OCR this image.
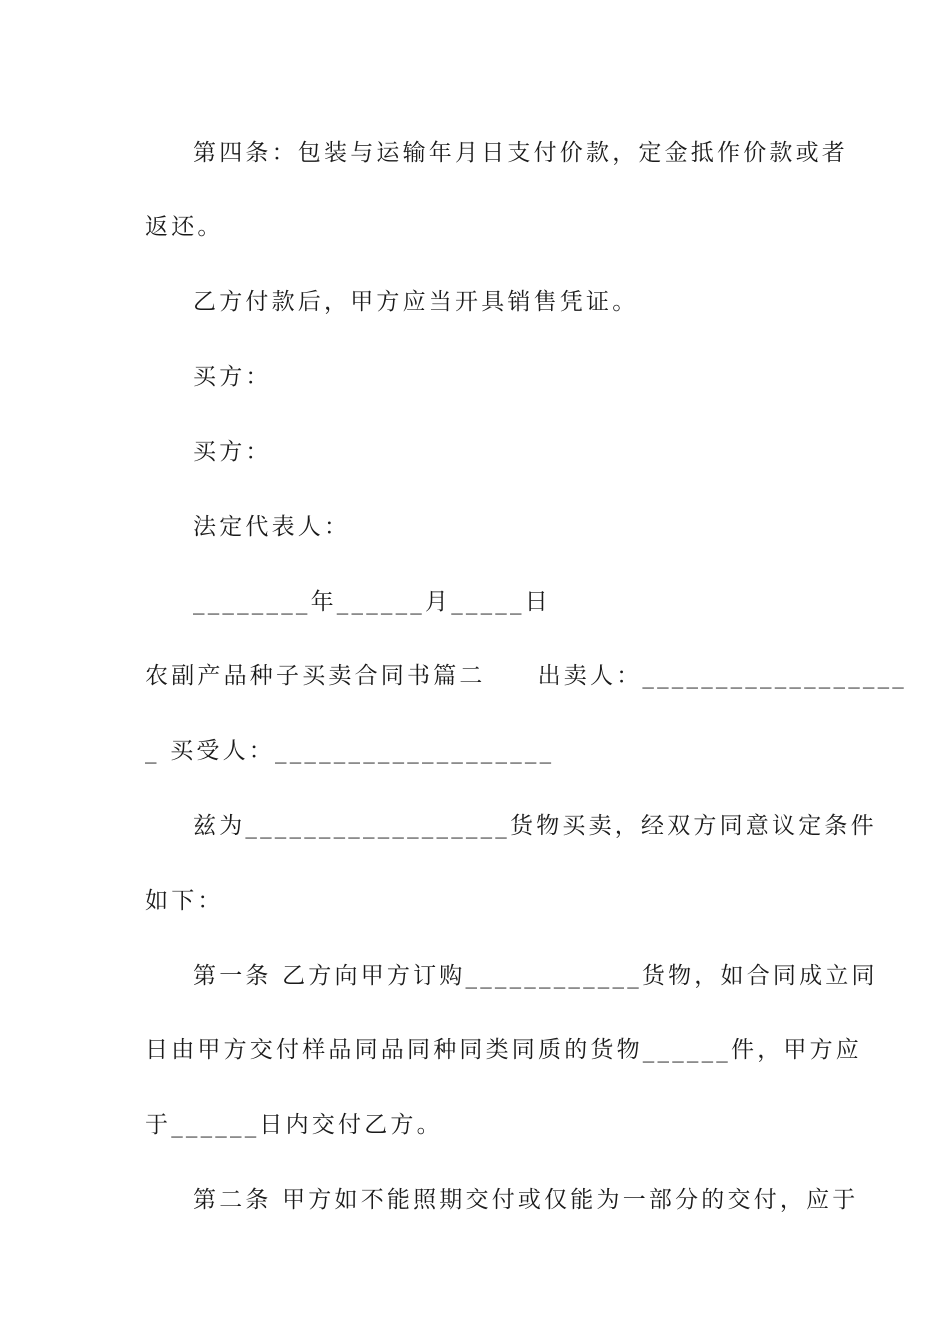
第四条：包装与运输年月日支付价款，定金抵作价款或者
返还。
乙方付款后，甲方应当开具销售凭证。
买方：
买方：
法定代表人：
________年______月_____日
农副产品种子买卖合同书篇二 出卖人：__________________
_ 买受人：___________________
兹为__________________货物买卖，经双方同意议定条件
如下：
第一条 乙方向甲方订购____________货物，如合同成立同
日由甲方交付样品同品同种同类同质的货物______件，甲方应
于______日内交付乙方。
第二条 甲方如不能照期交付或仅能为一部分的交付，应于
